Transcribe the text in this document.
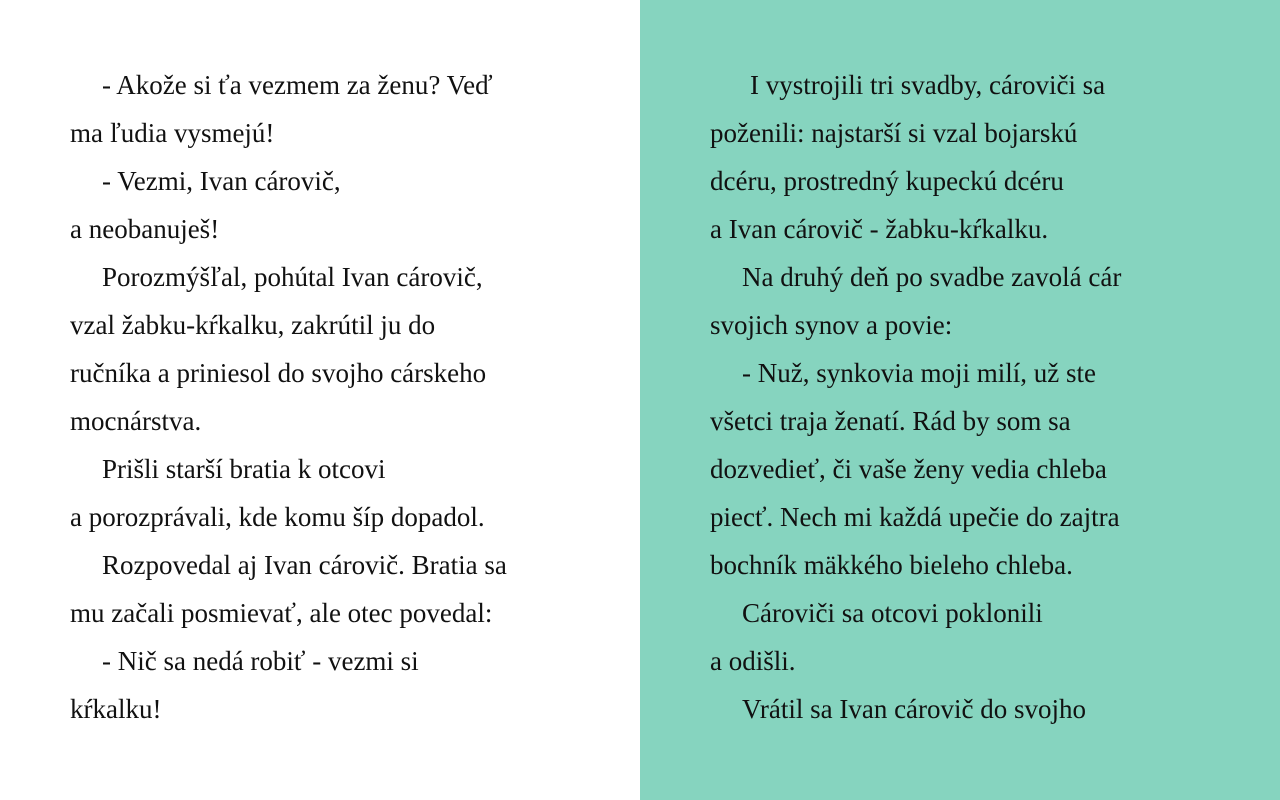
- Akože si ťa vezmem za ženu? Veď
ma ľudia vysmejú!
- Vezmi, Ivan cárovič,
a neobanuješ!
Porozmýšľal, pohútal Ivan cárovič,
vzal žabku-kŕkalku, zakrútil ju do
ručníka a priniesol do svojho cárskeho
mocnárstva.
Prišli starší bratia k otcovi
a porozprávali, kde komu šíp dopadol.
Rozpovedal aj Ivan cárovič. Bratia sa
mu začali posmievať, ale otec povedal:
- Nič sa nedá robiť - vezmi si
kŕkalku!
I vystrojili tri svadby, cároviči sa
poženili: najstarší si vzal bojarskú
dcéru, prostredný kupeckú dcéru
a Ivan cárovič - žabku-kŕkalku.
Na druhý deň po svadbe zavolá cár
svojich synov a povie:
- Nuž, synkovia moji milí, už ste
všetci traja ženatí. Rád by som sa
dozvedieť, či vaše ženy vedia chleba
piecť. Nech mi každá upečie do zajtra
bochník mäkkého bieleho chleba.
Cároviči sa otcovi poklonili
a odišli.
Vrátil sa Ivan cárovič do svojho
